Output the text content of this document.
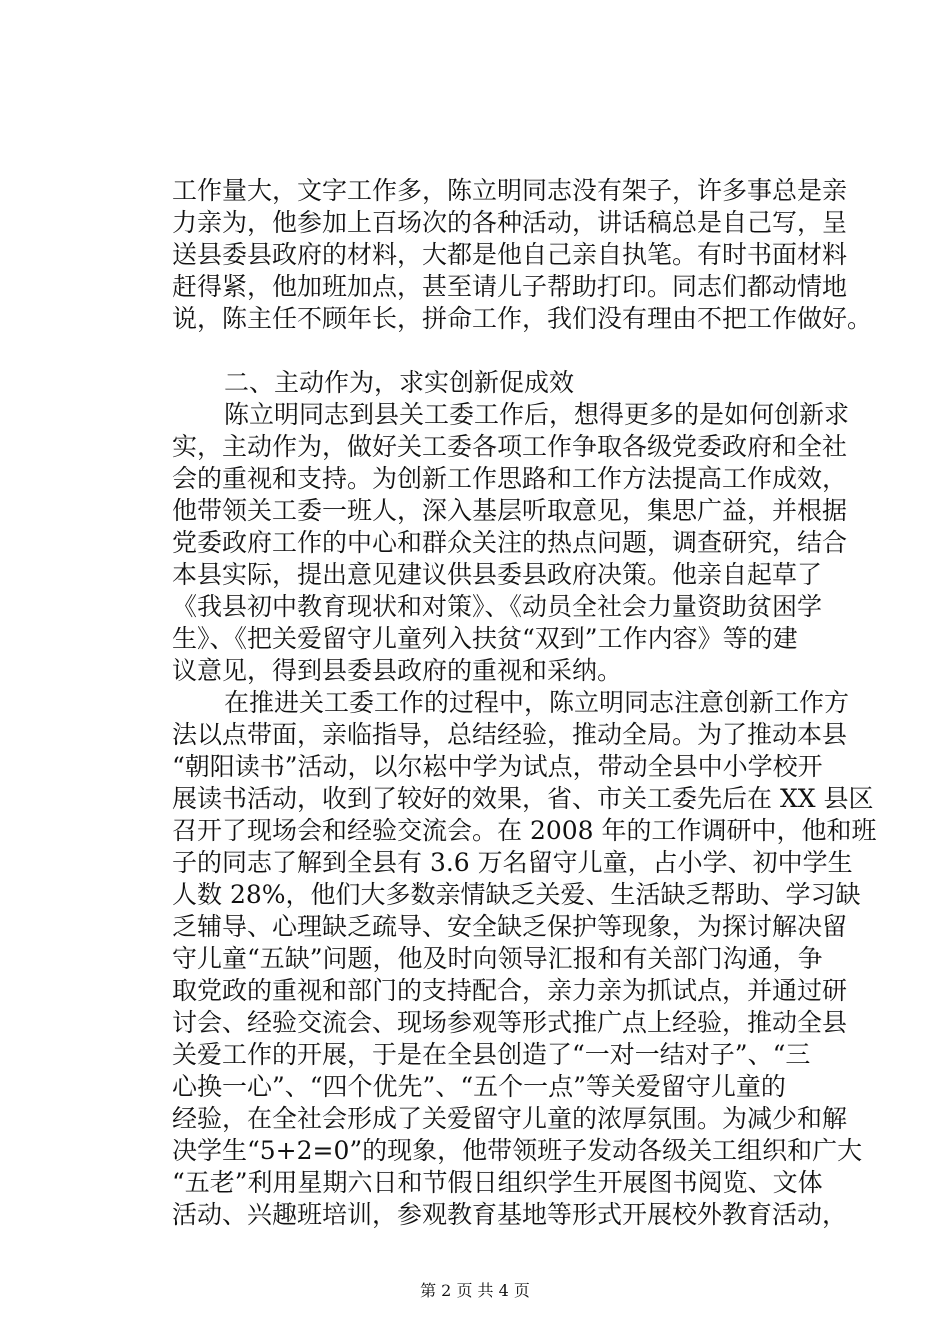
工作量大，文字工作多，陈立明同志没有架子，许多事总是亲
力亲为，他参加上百场次的各种活动，讲话稿总是自己写，呈
送县委县政府的材料，大都是他自己亲自执笔。有时书面材料
赶得紧，他加班加点，甚至请儿子帮助打印。同志们都动情地
说，陈主任不顾年长，拼命工作，我们没有理由不把工作做好。
二、主动作为，求实创新促成效
陈立明同志到县关工委工作后，想得更多的是如何创新求
实，主动作为，做好关工委各项工作争取各级党委政府和全社
会的重视和支持。为创新工作思路和工作方法提高工作成效，
他带领关工委一班人，深入基层听取意见，集思广益，并根据
党委政府工作的中心和群众关注的热点问题，调查研究，结合
本县实际，提出意见建议供县委县政府决策。他亲自起草了
《我县初中教育现状和对策》、《动员全社会力量资助贫困学
生》、《把关爱留守儿童列入扶贫“双到”工作内容》等的建
议意见，得到县委县政府的重视和采纳。
在推进关工委工作的过程中，陈立明同志注意创新工作方
法以点带面，亲临指导，总结经验，推动全局。为了推动本县
“朝阳读书”活动，以尔崧中学为试点，带动全县中小学校开
展读书活动，收到了较好的效果，省、市关工委先后在 XX 县区
召开了现场会和经验交流会。在 2008 年的工作调研中，他和班
子的同志了解到全县有 3.6 万名留守儿童，占小学、初中学生
人数 28%，他们大多数亲情缺乏关爱、生活缺乏帮助、学习缺
乏辅导、心理缺乏疏导、安全缺乏保护等现象，为探讨解决留
守儿童“五缺”问题，他及时向领导汇报和有关部门沟通，争
取党政的重视和部门的支持配合，亲力亲为抓试点，并通过研
讨会、经验交流会、现场参观等形式推广点上经验，推动全县
关爱工作的开展，于是在全县创造了“一对一结对子”、“三
心换一心”、“四个优先”、“五个一点”等关爱留守儿童的
经验，在全社会形成了关爱留守儿童的浓厚氛围。为减少和解
决学生“5+2=0”的现象，他带领班子发动各级关工组织和广大
“五老”利用星期六日和节假日组织学生开展图书阅览、文体
活动、兴趣班培训，参观教育基地等形式开展校外教育活动，
第 2 页 共 4 页
